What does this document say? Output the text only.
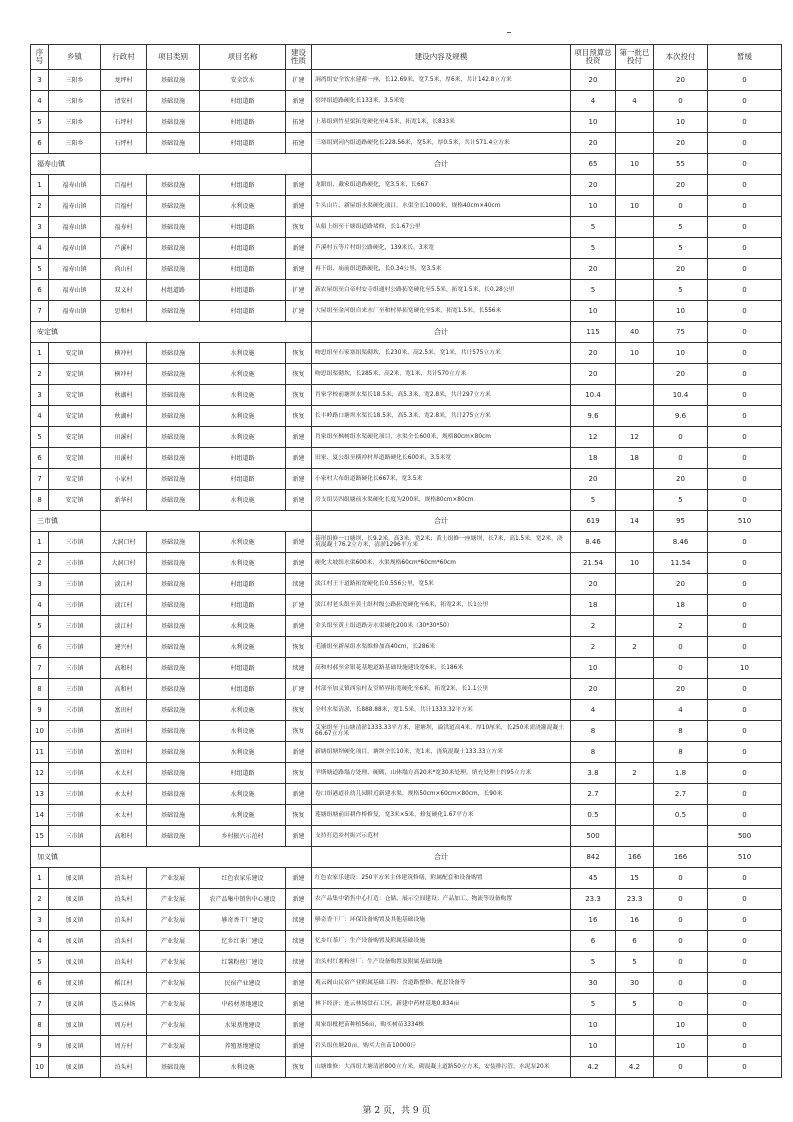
序号	乡镇	行政村	项目类别	项目名称	建设性质	建设内容及规模	项目预算总投资	第一批已投付	本次投付	暂缓
3	三阳乡	龙坪村	基础设施	安全饮水	扩建	洞湾组安全饮水建蓄一座，长12.69米，宽7.5米，厚6米，共计142.8立方米	20		20	0
4	三阳乡	清安村	基础设施	村组道路	新建	窑坪组道路硬化长133米，3.5米宽	4	4	0	0
5	三阳乡	石坪村	基础设施	村组道路	拓建	上墓组到竹星梁拓宽硬化至4.5米，拓宽1米，长833米	10		10	0
6	三阳乡	石坪村	基础设施	村组道路	拓建	三塞组到河内组道路硬化长228.56米，宽5米，厚0.5米，共计571.4立方米	20		20	0
福寿山镇						合计	65	10	55	0
1	福寿山镇	百福村	基础设施	村组道路	新建	龙眼组、戴家组道路硬化，宽3.5米，长667	20		20	0
2	福寿山镇	百福村	基础设施	水利设施	新建	牛头山片、新屋组水渠硬化项目，水渠全长1000米，规格40cm×40cm	10	10	0	0
3	福寿山镇	福寿村	基础设施	村组道路	恢复	从船上组至干塘组道路堵修，长1.67公里	5		5	0
4	福寿山镇	芦溪村	基础设施	村组道路	新建	芦溪村五等片村组公路硬化，139米长，3米宽	5		5	0
5	福寿山镇	尚山村	基础设施	村组道路	新建	再下组、庙前组道路硬化，长0.34公里，宽3.5米	20		20	0
6	福寿山镇	双义村	村组道路	村组道路	扩建	新农屋组至白帝村安寺组通村公路拓宽硬化至5.5米，拓宽1.5米，长0.28公里	5		5	0
7	福寿山镇	思和村	基础设施	村组道路	扩建	大屋组至金河组自来水厂至和村界拓宽硬化至5米，拓宽1.5米，长556米	10		10	0
安定镇						合计	115	40	75	0
1	安定镇	横冲村	基础设施	水利设施	恢复	吻思组至石家塞组渠砌坎，长230米，高2.5米，宽1米，共计575立方米	20	10	10	0
2	安定镇	横冲村	基础设施	水利设施	恢复	吻思组渠砌坎，长285米，高2米，宽1米，共计570立方米	20		20	0
3	安定镇	秋湖村	基础设施	水利设施	恢复	肖家学校前塘坝水渠长18.5米，高5.3米，宽2.8米，共计297立方米	10.4		10.4	0
4	安定镇	秋湖村	基础设施	水利设施	恢复	长丰岭路口塘坝水渠长18.5米，高5.3米，宽2.8米，共计275立方米	9.6		9.6	0
5	安定镇	田溪村	基础设施	水利设施	新建	肖家组至枫树组水渠硬化项目，水渠全长600米，规格80cm×80cm	12	12	0	0
6	安定镇	田溪村	基础设施	村组道路	新建	田家、夏公组至横冲村界道路硬化长600米，3.5米宽	18	18	0	0
7	安定镇	小家村	基础设施	村组道路	新建	小家村大布组道路硬化长667米，宽3.5米	20		20	0
8	安定镇	新华村	基础设施	水利设施	新建	房支组吴四组塘前水渠硬化长度为200米，规格80cm×80cm	5		5	0
三市镇						合计	619	14	95	510
1	三市镇	大洞口村	基础设施	水利设施	新建	菇形组修一口塘坝，长9.2米，高3米，宽2米；黄土组修一座塘坝，长7米，高1.5米，宽2米，浇筑混凝土76.2立方米，清淤1296平方米	8.46		8.46	0
2	三市镇	大洞口村	基础设施	水利设施	新建	硬化大坡组水渠600米，水渠规格60cm*60cm*60cm	21.54	10	11.54	0
3	三市镇	淡江村	基础设施	村组道路	续建	淡江村王干道路拓宽硬化长0.556公里，宽5米	20		20	0
4	三市镇	淡江村	基础设施	村组道路	扩建	淡江村老头组至黄土组村级公路拓宽硬化至6米，拓宽2米，长1公里	18		18	0
5	三市镇	淡江村	基础设施	水利设施	新建	金头组至黄土组道路旁水渠硬化200米（30*30*50）	2		2	0
6	三市镇	建兴村	基础设施	水利设施	恢复	毛铺组至新屋组水渠维修加高40cm，长286米	2	2	0	0
7	三市镇	高和村	基础设施	村组道路	续建	高和村郝至金银花基地道路基础设施建设宽6米，长186米	10		0	10
8	三市镇	高和村	基础设施	村组道路	扩建	村部至加义镇西泉村友堂桥界拓宽硬化至6米，拓宽2米，长1.1公里	20		20	0
9	三市镇	富田村	基础设施	水利设施	恢复	全村水渠清淤，长888.88米，宽1.5米，共计1333.32平方米	4		4	0
10	三市镇	富田村	基础设施	水利设施	恢复	艾家组至于山塘清淤1333.33平方米，建塘坝，溢洪道高4米，厚10厘米，长250米需浇灌混凝土66.67立方米	8		8	0
11	三市镇	富田村	基础设施	水利设施	新建	新塘组塘坝硬化项目，塘坝全长10米，宽1米，浇筑混凝土133.33立方米	8		8	0
12	三市镇	永太村	基础设施	村组道路	恢复	羊斯塘道路塌方处理、硬砌，山体塌方高20米*宽30米处理，填充处理土约95立方米	3.8	2	1.8	0
13	三市镇	永太村	基础设施	水利设施	新建	卷口组港道社幼儿园附近新建水渠，规格50cm×60cm×80cm，长90米	2.7		2.7	0
14	三市镇	永太村	基础设施	水利设施	恢复	莲塘组塘前田耕作桥修复，宽3米×5米，修复硬化1.67平方米	0.5		0.5	0
15	三市镇	高和村	基础设施	乡村振兴示范村	新建	支持打造乡村振兴示范村	500			500
加义镇						合计	842	166	166	510
1	加义镇	泊头村	产业发展	红色农家乐建设	新建	红色农家乐建设：250平方米主体建筑修缮，附属配套和设备购置	45	15	0	0
2	加义镇	泊头村	产业发展	农产品集中销售中心建设	新建	农产品集中销售中心打造：仓储、展示空间建设；产品加工、物流等设备购置	23.3	23.3	0	0
3	加义镇	泊头村	产业发展	够奇香干厂建设	续建	够奇香干厂：环保设备购置及其他基础设施	16	16	0	0
4	加义镇	泊头村	产业发展	忆乡红茶厂建设	续建	忆乡红茶厂：生产设备购置及附属基础设施	6	6	0	0
5	加义镇	泊头村	产业发展	红薯粉丝厂建设	续建	泊头村红薯粉丝厂：生产设备购置及附属基础设施	5	5	0	0
6	加义镇	稻江村	产业发展	民宿产业建设	新建	观云阁山民宿产业附属基础工程：含道路整修、配套设备等	30	30	0	0
7	加义镇	连云林场	产业发展	中药材基地建设	新建	林下经济：连云林场盘石工区，新建中药材基地0.834亩	5	5	0	0
8	加义镇	周方村	产业发展	水果基地建设	新建	周家组枇杷苗种植56亩，购买树苗3334株	10		10	0
9	加义镇	周方村	产业发展	养殖基地建设	新建	岩头组鱼塘20亩，购买大鱼苗10000斤	10		10	0
10	加义镇	泊头村	基础设施	水利设施	恢复	山塘维修：大西组大塘清淤800立方米，砌混凝土道路50立方米，安装排污管，水泥泵20米	4.2	4.2	0	0
第 2 页，共 9 页
